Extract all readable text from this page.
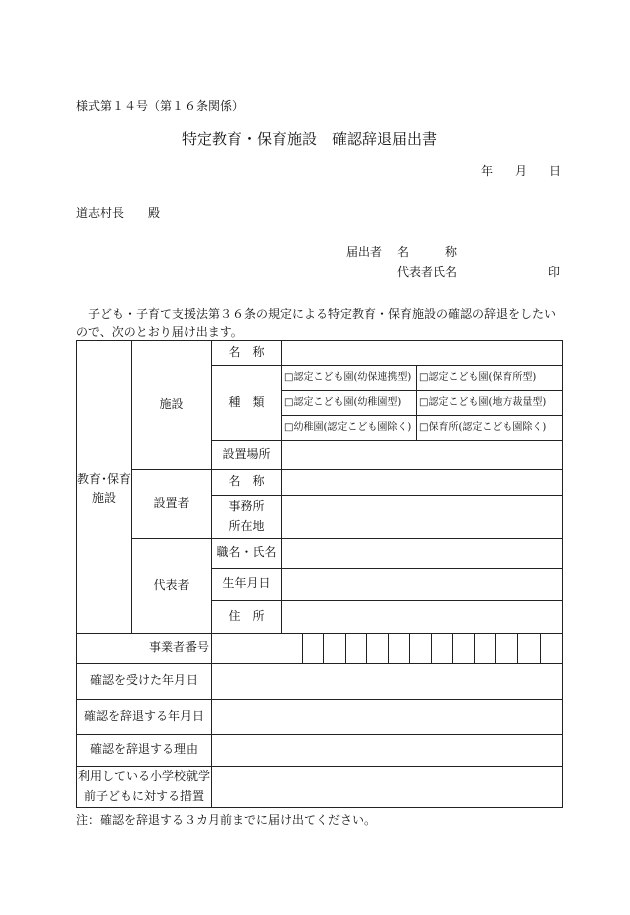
様式第１４号（第１６条関係）
特定教育・保育施設　確認辞退届出書
年 月 日
道志村長　　殿
届出者 名　　　称
代表者氏名	印
子ども・子育て支援法第３６条の規定による特定教育・保育施設の確認の辞退をしたい
ので、次のとおり届け出ます。
教育･保育
施設
施設
名　称
種　類
設置場所
□認定こども園(幼保連携型) □認定こども園(保育所型)
□認定こども園(幼稚園型)	□認定こども園(地方裁量型)
□幼稚園(認定こども園除く) □保育所(認定こども園除く)
設置者
名　称
事務所
所在地
代表者
職名・氏名
生年月日
住　所
事業者番号
確認を受けた年月日
確認を辞退する年月日
確認を辞退する理由
利用している小学校就学
前子どもに対する措置
注：確認を辞退する３カ月前までに届け出てください。
